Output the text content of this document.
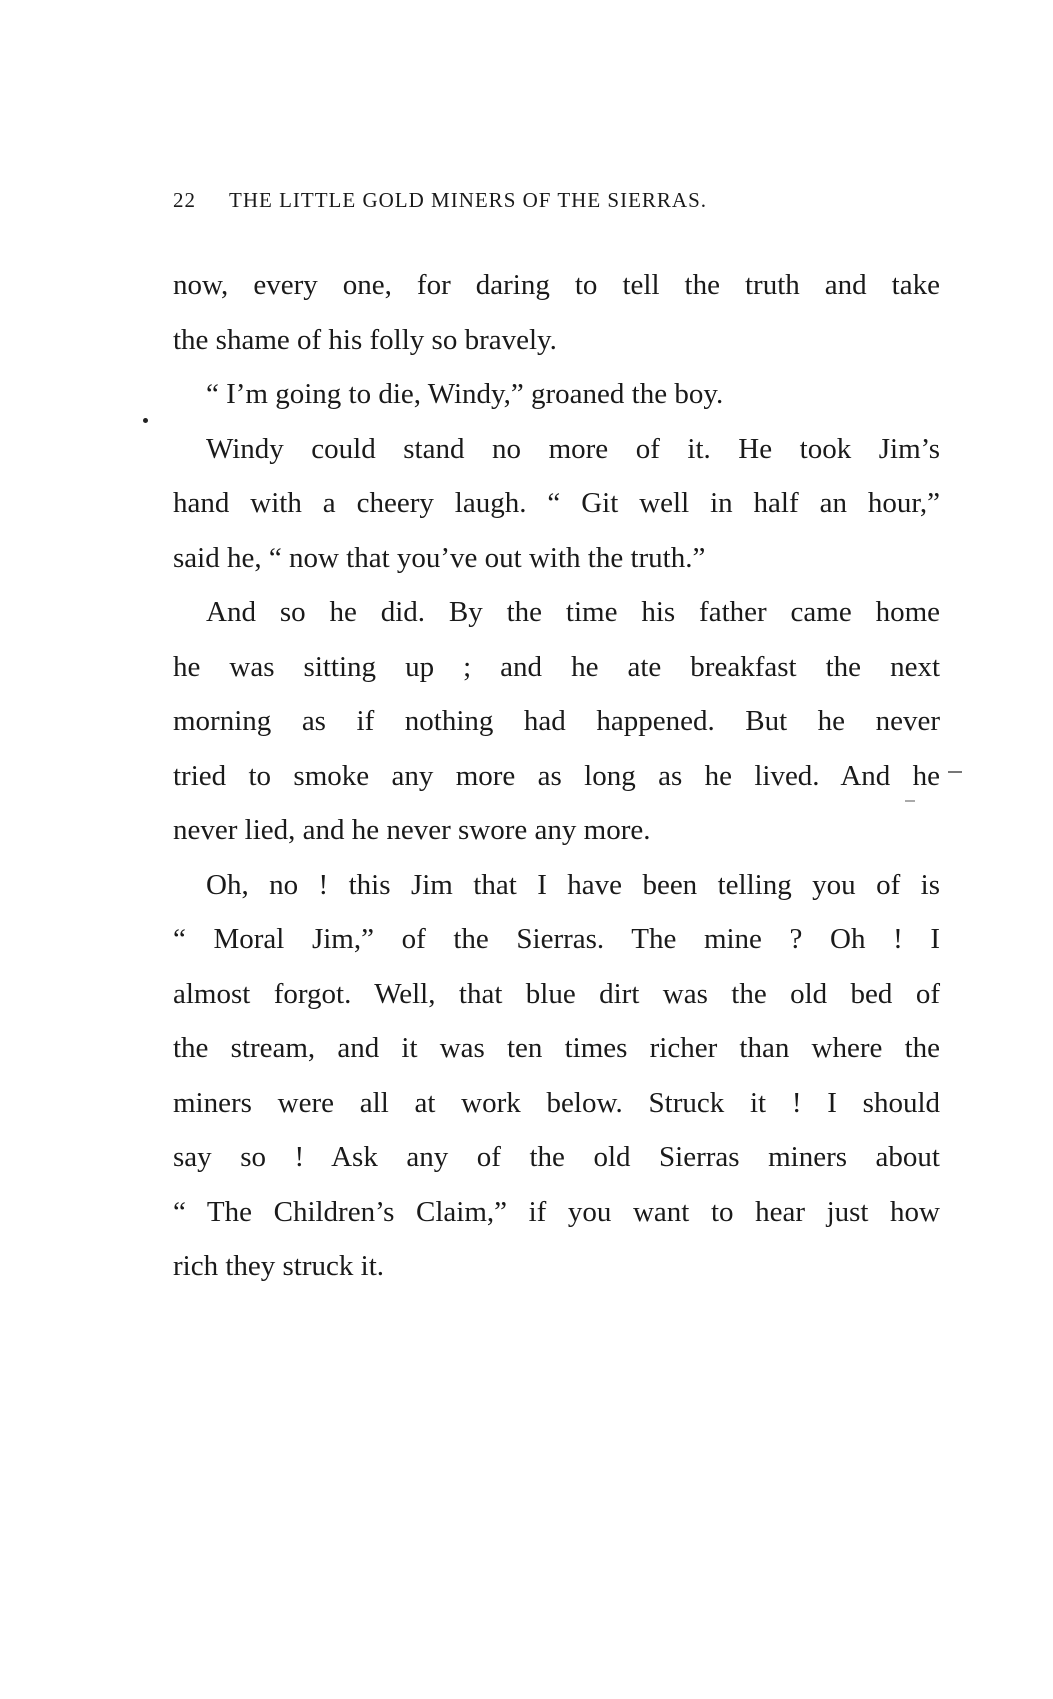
22 THE LITTLE GOLD MINERS OF THE SIERRAS.
now, every one, for daring to tell the truth and take
the shame of his folly so bravely.
“ I’m going to die, Windy,” groaned the boy.
Windy could stand no more of it. He took Jim’s
hand with a cheery laugh. “ Git well in half an hour,”
said he, “ now that you’ve out with the truth.”
And so he did. By the time his father came home
he was sitting up ; and he ate breakfast the next
morning as if nothing had happened. But he never
tried to smoke any more as long as he lived. And he
never lied, and he never swore any more.
Oh, no ! this Jim that I have been telling you of is
“ Moral Jim,” of the Sierras. The mine ? Oh ! I
almost forgot. Well, that blue dirt was the old bed of
the stream, and it was ten times richer than where the
miners were all at work below. Struck it ! I should
say so ! Ask any of the old Sierras miners about
“ The Children’s Claim,” if you want to hear just how
rich they struck it.
